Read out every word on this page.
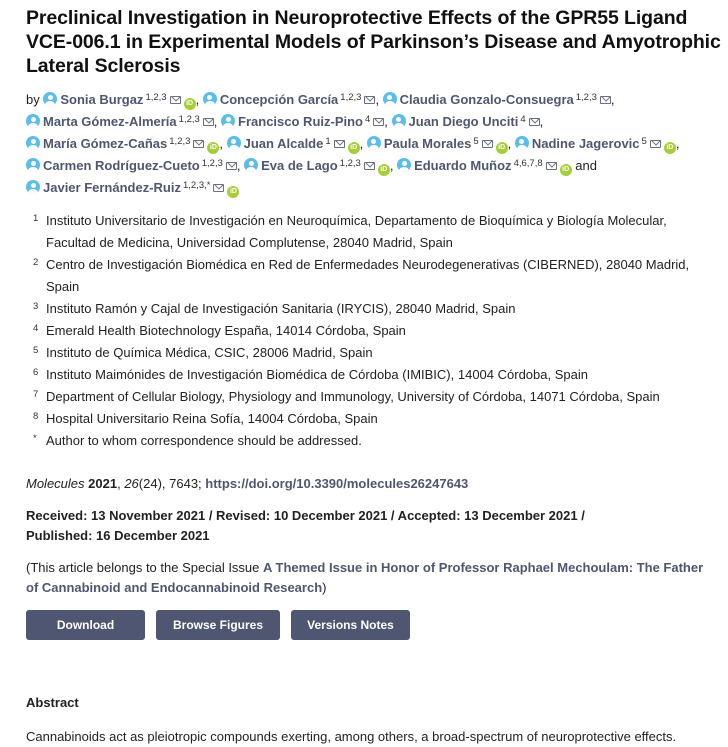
Preclinical Investigation in Neuroprotective Effects of the GPR55 Ligand VCE-006.1 in Experimental Models of Parkinson’s Disease and Amyotrophic Lateral Sclerosis
by Sonia Burgaz $^{1,2,3}$iD , Concepción García $^{1,2,3}$ , Claudia Gonzalo-Consuegra $^{1,2,3}$ , Marta Gómez-Almería $^{1,2,3}$ , Francisco Ruiz-Pino $^4$ , Juan Diego Unciti $^4$ , María Gómez-Cañas $^{1,2,3}$iD , Juan Alcalde $^1$iD , Paula Morales $^5$iD , Nadine Jagerovic $^5$iD , Carmen Rodríguez-Cueto $^{1,2,3}$ , Eva de Lago $^{1,2,3}$iD , Eduardo Muñoz $^{4,6,7,8}$iD and Javier Fernández-Ruiz $^{1,2,3,*}$iD
1 Instituto Universitario de Investigación en Neuroquímica, Departamento de Bioquímica y Biología Molecular, Facultad de Medicina, Universidad Complutense, 28040 Madrid, Spain
2 Centro de Investigación Biomédica en Red de Enfermedades Neurodegenerativas (CIBERNED), 28040 Madrid, Spain
3 Instituto Ramón y Cajal de Investigación Sanitaria (IRYCIS), 28040 Madrid, Spain
4 Emerald Health Biotechnology España, 14014 Córdoba, Spain
5 Instituto de Química Médica, CSIC, 28006 Madrid, Spain
6 Instituto Maimónides de Investigación Biomédica de Córdoba (IMIBIC), 14004 Córdoba, Spain
7 Department of Cellular Biology, Physiology and Immunology, University of Córdoba, 14071 Córdoba, Spain
8 Hospital Universitario Reina Sofía, 14004 Córdoba, Spain
* Author to whom correspondence should be addressed.
Molecules 2021, 26(24), 7643; https://doi.org/10.3390/molecules26247643
Received: 13 November 2021 / Revised: 10 December 2021 / Accepted: 13 December 2021 /
Published: 16 December 2021
(This article belongs to the Special Issue A Themed Issue in Honor of Professor Raphael Mechoulam: The Father of Cannabinoid and Endocannabinoid Research)
Download	Browse Figures	Versions Notes
Abstract
Cannabinoids act as pleiotropic compounds exerting, among others, a broad-spectrum of neuroprotective effects.
